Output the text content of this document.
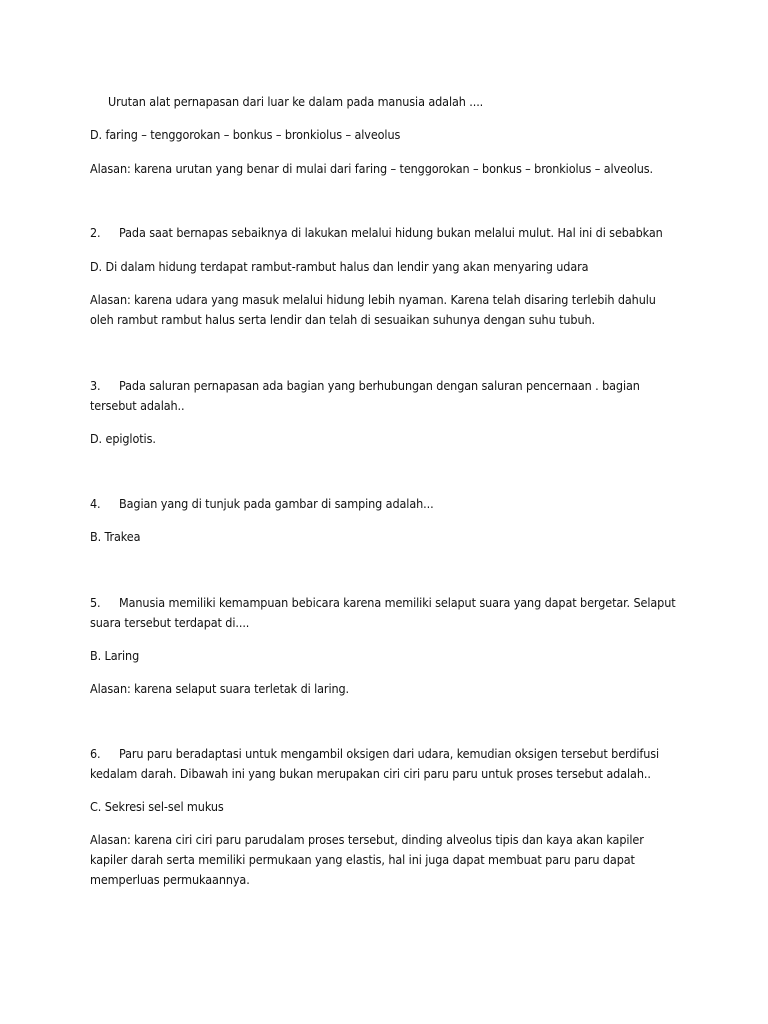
Urutan alat pernapasan dari luar ke dalam pada manusia adalah ....
D. faring – tenggorokan – bonkus – bronkiolus – alveolus
Alasan: karena urutan yang benar di mulai dari faring – tenggorokan – bonkus – bronkiolus – alveolus.
2. Pada saat bernapas sebaiknya di lakukan melalui hidung bukan melalui mulut. Hal ini di sebabkan
D. Di dalam hidung terdapat rambut-rambut halus dan lendir yang akan menyaring udara
Alasan: karena udara yang masuk melalui hidung lebih nyaman. Karena telah disaring terlebih dahulu
oleh rambut rambut halus serta lendir dan telah di sesuaikan suhunya dengan suhu tubuh.
3. Pada saluran pernapasan ada bagian yang berhubungan dengan saluran pencernaan . bagian
tersebut adalah..
D. epiglotis.
4. Bagian yang di tunjuk pada gambar di samping adalah...
B. Trakea
5. Manusia memiliki kemampuan bebicara karena memiliki selaput suara yang dapat bergetar. Selaput
suara tersebut terdapat di....
B. Laring
Alasan: karena selaput suara terletak di laring.
6. Paru paru beradaptasi untuk mengambil oksigen dari udara, kemudian oksigen tersebut berdifusi
kedalam darah. Dibawah ini yang bukan merupakan ciri ciri paru paru untuk proses tersebut adalah..
C. Sekresi sel-sel mukus
Alasan: karena ciri ciri paru parudalam proses tersebut, dinding alveolus tipis dan kaya akan kapiler
kapiler darah serta memiliki permukaan yang elastis, hal ini juga dapat membuat paru paru dapat
memperluas permukaannya.
